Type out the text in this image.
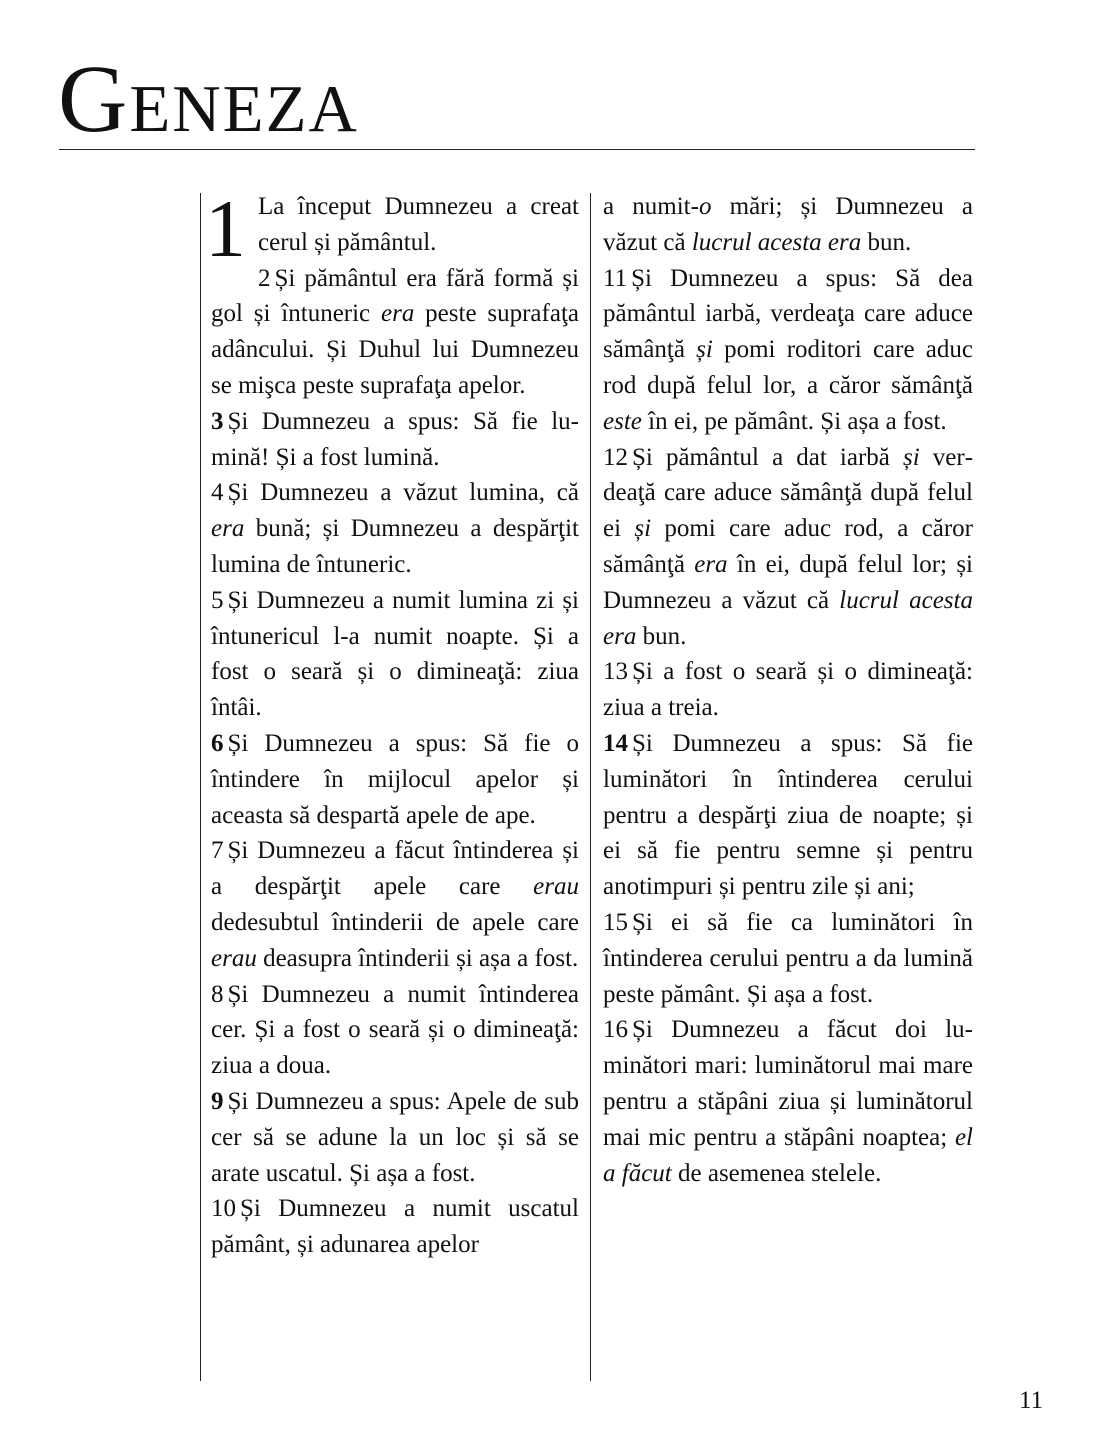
Geneza
1 La început Dumnezeu a creat cerul și pământul.

2 Și pământul era fără formă și gol și întuneric era peste suprafaţa adâncului. Și Duhul lui Dumnezeu se mişca peste suprafaţa apelor.

3 Și Dumnezeu a spus: Să fie lumină! Și a fost lumină.

4 Și Dumnezeu a văzut lumina, că era bună; și Dumnezeu a despărţit lumina de întuneric.

5 Și Dumnezeu a numit lumina zi și întunericul l-a numit noapte. Și a fost o seară și o dimineaţă: ziua întâi.

6 Și Dumnezeu a spus: Să fie o întindere în mijlocul apelor și aceasta să despartă apele de ape.

7 Și Dumnezeu a făcut întinderea și a despărţit apele care erau dedesubtul întinderii de apele care erau deasupra întinderii și așa a fost.

8 Și Dumnezeu a numit întinderea cer. Și a fost o seară și o dimineaţă: ziua a doua.

9 Și Dumnezeu a spus: Apele de sub cer să se adune la un loc și să se arate uscatul. Și așa a fost.

10 Și Dumnezeu a numit uscatul pământ, și adunarea apelor

a numit-o mări; și Dumnezeu a văzut că lucrul acesta era bun.

11 Și Dumnezeu a spus: Să dea pământul iarbă, verdeaţa care aduce sămânţă și pomi roditori care aduc rod după felul lor, a căror sămânţă este în ei, pe pământ. Și așa a fost.

12 Și pământul a dat iarbă și verdeaţă care aduce sămânţă după felul ei și pomi care aduc rod, a căror sămânţă era în ei, după felul lor; și Dumnezeu a văzut că lucrul acesta era bun.

13 Și a fost o seară și o dimineaţă: ziua a treia.

14 Și Dumnezeu a spus: Să fie luminători în întinderea cerului pentru a despărţi ziua de noapte; și ei să fie pentru semne și pentru anotimpuri și pentru zile și ani;

15 Și ei să fie ca luminători în întinderea cerului pentru a da lumină peste pământ. Și așa a fost.

16 Și Dumnezeu a făcut doi luminători mari: luminătorul mai mare pentru a stăpâni ziua și luminătorul mai mic pentru a stăpâni noaptea; el a făcut de asemenea stelele.

11
